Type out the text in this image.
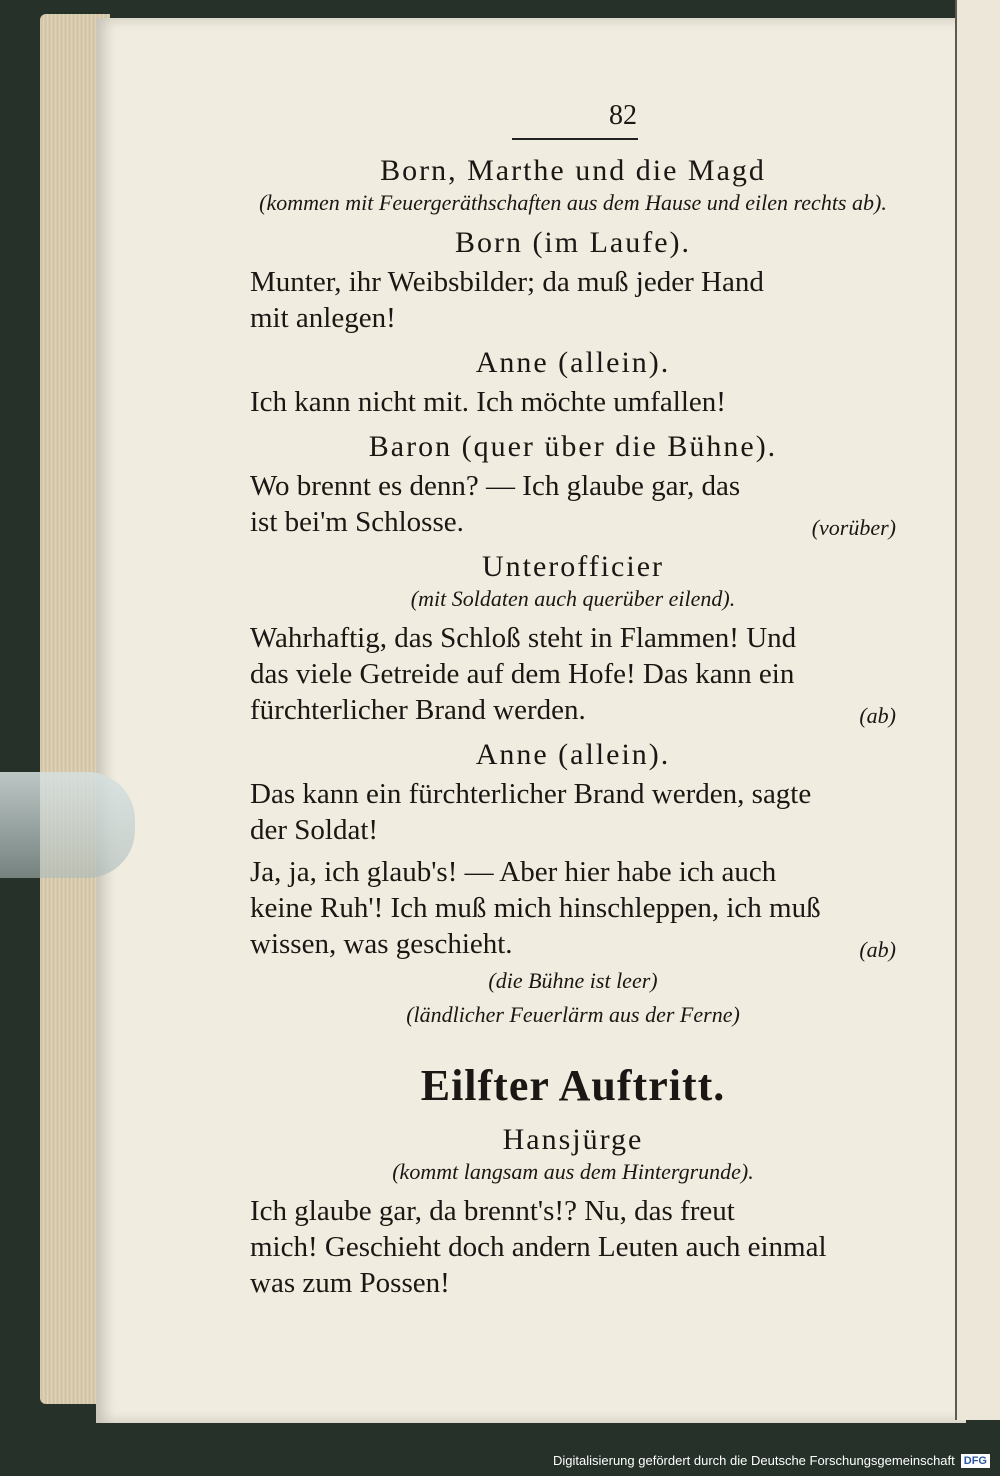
82
Born, Marthe und die Magd
(kommen mit Feuergeräthschaften aus dem Hause und eilen rechts ab).
Born (im Laufe).
Munter, ihr Weibsbilder; da muß jeder Hand
mit anlegen!
Anne (allein).
Ich kann nicht mit. Ich möchte umfallen!
Baron (quer über die Bühne).
Wo brennt es denn? — Ich glaube gar, das
ist bei'm Schlosse.	(vorüber)
Unterofficier
(mit Soldaten auch querüber eilend).
Wahrhaftig, das Schloß steht in Flammen! Und
das viele Getreide auf dem Hofe! Das kann ein
fürchterlicher Brand werden.	(ab)
Anne (allein).
Das kann ein fürchterlicher Brand werden, sagte
der Soldat!
Ja, ja, ich glaub's! — Aber hier habe ich auch
keine Ruh'! Ich muß mich hinschleppen, ich muß
wissen, was geschieht.	(ab)
(die Bühne ist leer)
(ländlicher Feuerlärm aus der Ferne)
Eilfter Auftritt.
Hansjürge
(kommt langsam aus dem Hintergrunde).
Ich glaube gar, da brennt's!? Nu, das freut
mich! Geschieht doch andern Leuten auch einmal
was zum Possen!
Digitalisierung gefördert durch die Deutsche Forschungsgemeinschaft DFG
